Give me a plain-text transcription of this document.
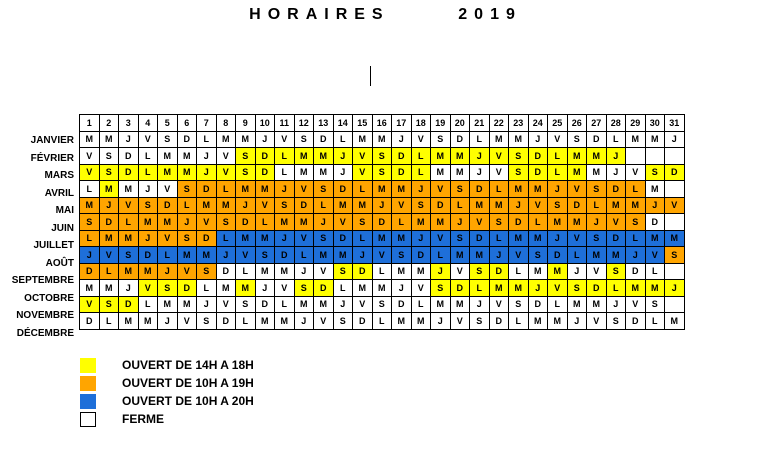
HORAIRES      2019
JANVIER
FÉVRIER
MARS
AVRIL
MAI
JUIN
JUILLET
AOÛT
SEPTEMBRE
OCTOBRE
NOVEMBRE
DÉCEMBRE
1	2	3	4	5	6	7	8	9	10	11	12	13	14	15	16	17	18	19	20	21	22	23	24	25	26	27	28	29	30	31
M	M	J	V	S	D	L	M	M	J	V	S	D	L	M	M	J	V	S	D	L	M	M	J	V	S	D	L	M	M	J
V	S	D	L	M	M	J	V	S	D	L	M	M	J	V	S	D	L	M	M	J	V	S	D	L	M	M	J			
V	S	D	L	M	M	J	V	S	D	L	M	M	J	V	S	D	L	M	M	J	V	S	D	L	M	M	J	V	S	D
L	M	M	J	V	S	D	L	M	M	J	V	S	D	L	M	M	J	V	S	D	L	M	M	J	V	S	D	L	M	
M	J	V	S	D	L	M	M	J	V	S	D	L	M	M	J	V	S	D	L	M	M	J	V	S	D	L	M	M	J	V
S	D	L	M	M	J	V	S	D	L	M	M	J	V	S	D	L	M	M	J	V	S	D	L	M	M	J	V	S	D	
L	M	M	J	V	S	D	L	M	M	J	V	S	D	L	M	M	J	V	S	D	L	M	M	J	V	S	D	L	M	M
J	V	S	D	L	M	M	J	V	S	D	L	M	M	J	V	S	D	L	M	M	J	V	S	D	L	M	M	J	V	S
D	L	M	M	J	V	S	D	L	M	M	J	V	S	D	L	M	M	J	V	S	D	L	M	M	J	V	S	D	L	
M	M	J	V	S	D	L	M	M	J	V	S	D	L	M	M	J	V	S	D	L	M	M	J	V	S	D	L	M	M	J
V	S	D	L	M	M	J	V	S	D	L	M	M	J	V	S	D	L	M	M	J	V	S	D	L	M	M	J	V	S	
D	L	M	M	J	V	S	D	L	M	M	J	V	S	D	L	M	M	J	V	S	D	L	M	M	J	V	S	D	L	M
OUVERT DE 14H A 18H
OUVERT DE 10H A 19H
OUVERT DE 10H A 20H
FERME
